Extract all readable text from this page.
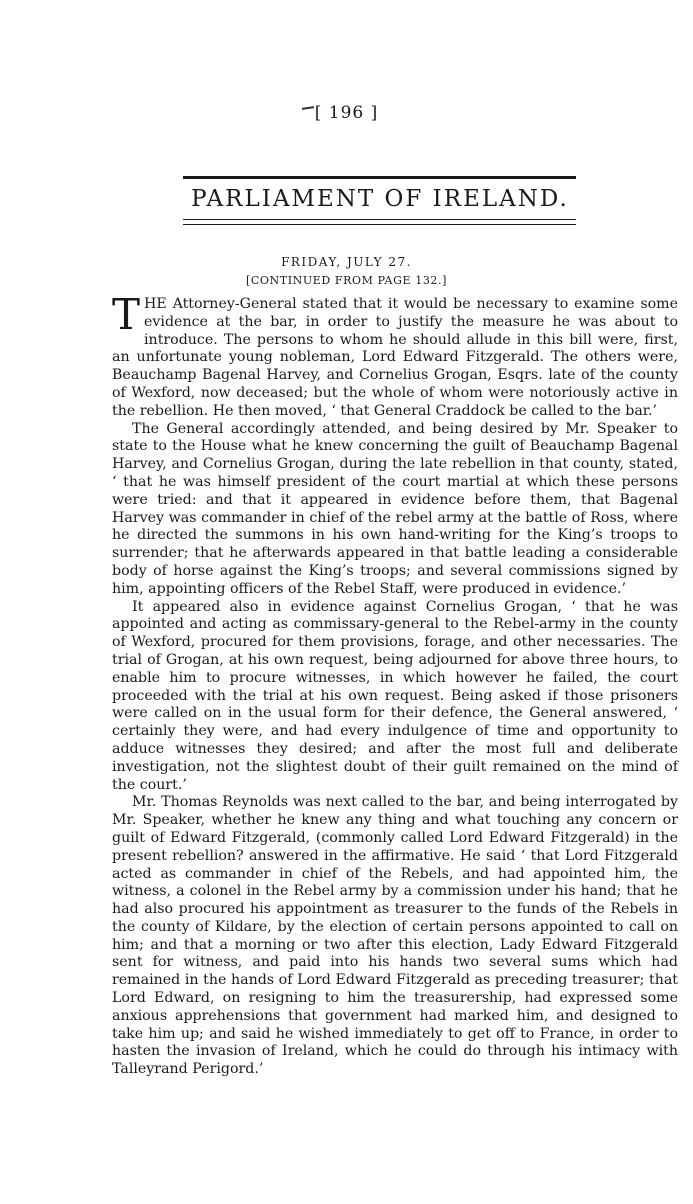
[ 196 ]
PARLIAMENT OF IRELAND.
FRIDAY, JULY 27.
[CONTINUED FROM PAGE 132.]

THE Attorney-General stated that it would be necessary to examine some evidence at the bar, in order to justify the measure he was about to introduce. The persons to whom he should allude in this bill were, first, an unfortunate young nobleman, Lord Edward Fitzgerald. The others were, Beauchamp Bagenal Harvey, and Cornelius Grogan, Esqrs. late of the county of Wexford, now deceased; but the whole of whom were notoriously active in the rebellion. He then moved, ‘ that General Craddock be called to the bar.’

The General accordingly attended, and being desired by Mr. Speaker to state to the House what he knew concerning the guilt of Beauchamp Bagenal Harvey, and Cornelius Grogan, during the late rebellion in that county, stated, ‘ that he was himself president of the court martial at which these persons were tried: and that it appeared in evidence before them, that Bagenal Harvey was commander in chief of the rebel army at the battle of Ross, where he directed the summons in his own hand-writing for the King’s troops to surrender; that he afterwards appeared in that battle leading a considerable body of horse against the King’s troops; and several commissions signed by him, appointing officers of the Rebel Staff, were produced in evidence.’

It appeared also in evidence against Cornelius Grogan, ‘ that he was appointed and acting as commissary-general to the Rebel-army in the county of Wexford, procured for them provisions, forage, and other necessaries. The trial of Grogan, at his own request, being adjourned for above three hours, to enable him to procure witnesses, in which however he failed, the court proceeded with the trial at his own request. Being asked if those prisoners were called on in the usual form for their defence, the General answered, ‘ certainly they were, and had every indulgence of time and opportunity to adduce witnesses they desired; and after the most full and deliberate investigation, not the slightest doubt of their guilt remained on the mind of the court.’

Mr. Thomas Reynolds was next called to the bar, and being interrogated by Mr. Speaker, whether he knew any thing and what touching any concern or guilt of Edward Fitzgerald, (commonly called Lord Edward Fitzgerald) in the present rebellion? answered in the affirmative. He said ‘ that Lord Fitzgerald acted as commander in chief of the Rebels, and had appointed him, the witness, a colonel in the Rebel army by a commission under his hand; that he had also procured his appointment as treasurer to the funds of the Rebels in the county of Kildare, by the election of certain persons appointed to call on him; and that a morning or two after this election, Lady Edward Fitzgerald sent for witness, and paid into his hands two several sums which had remained in the hands of Lord Edward Fitzgerald as preceding treasurer; that Lord Edward, on resigning to him the treasurership, had expressed some anxious apprehensions that government had marked him, and designed to take him up; and said he wished immediately to get off to France, in order to hasten the invasion of Ireland, which he could do through his intimacy with Talleyrand Perigord.’
